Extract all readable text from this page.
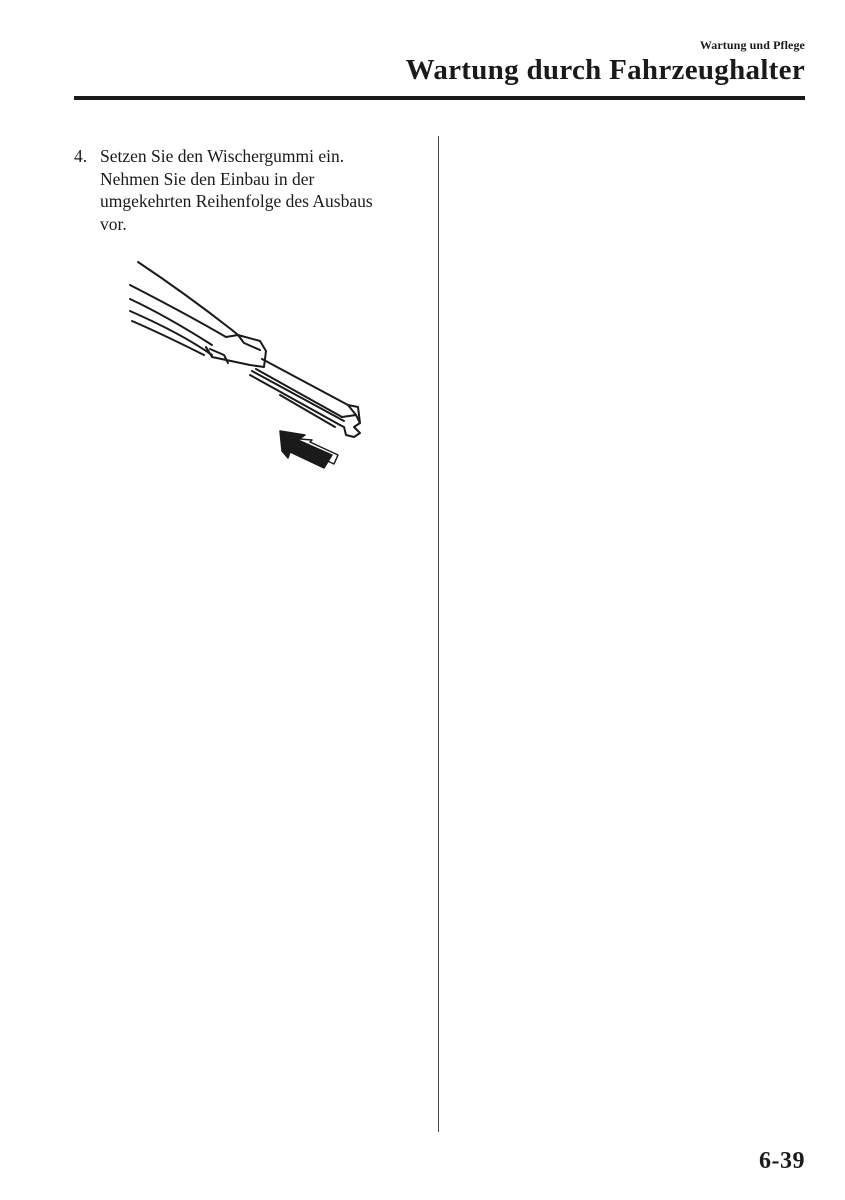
Wartung und Pflege
Wartung durch Fahrzeughalter
4. Setzen Sie den Wischergummi ein.
Nehmen Sie den Einbau in der
umgekehrten Reihenfolge des Ausbaus
vor.
6-39
